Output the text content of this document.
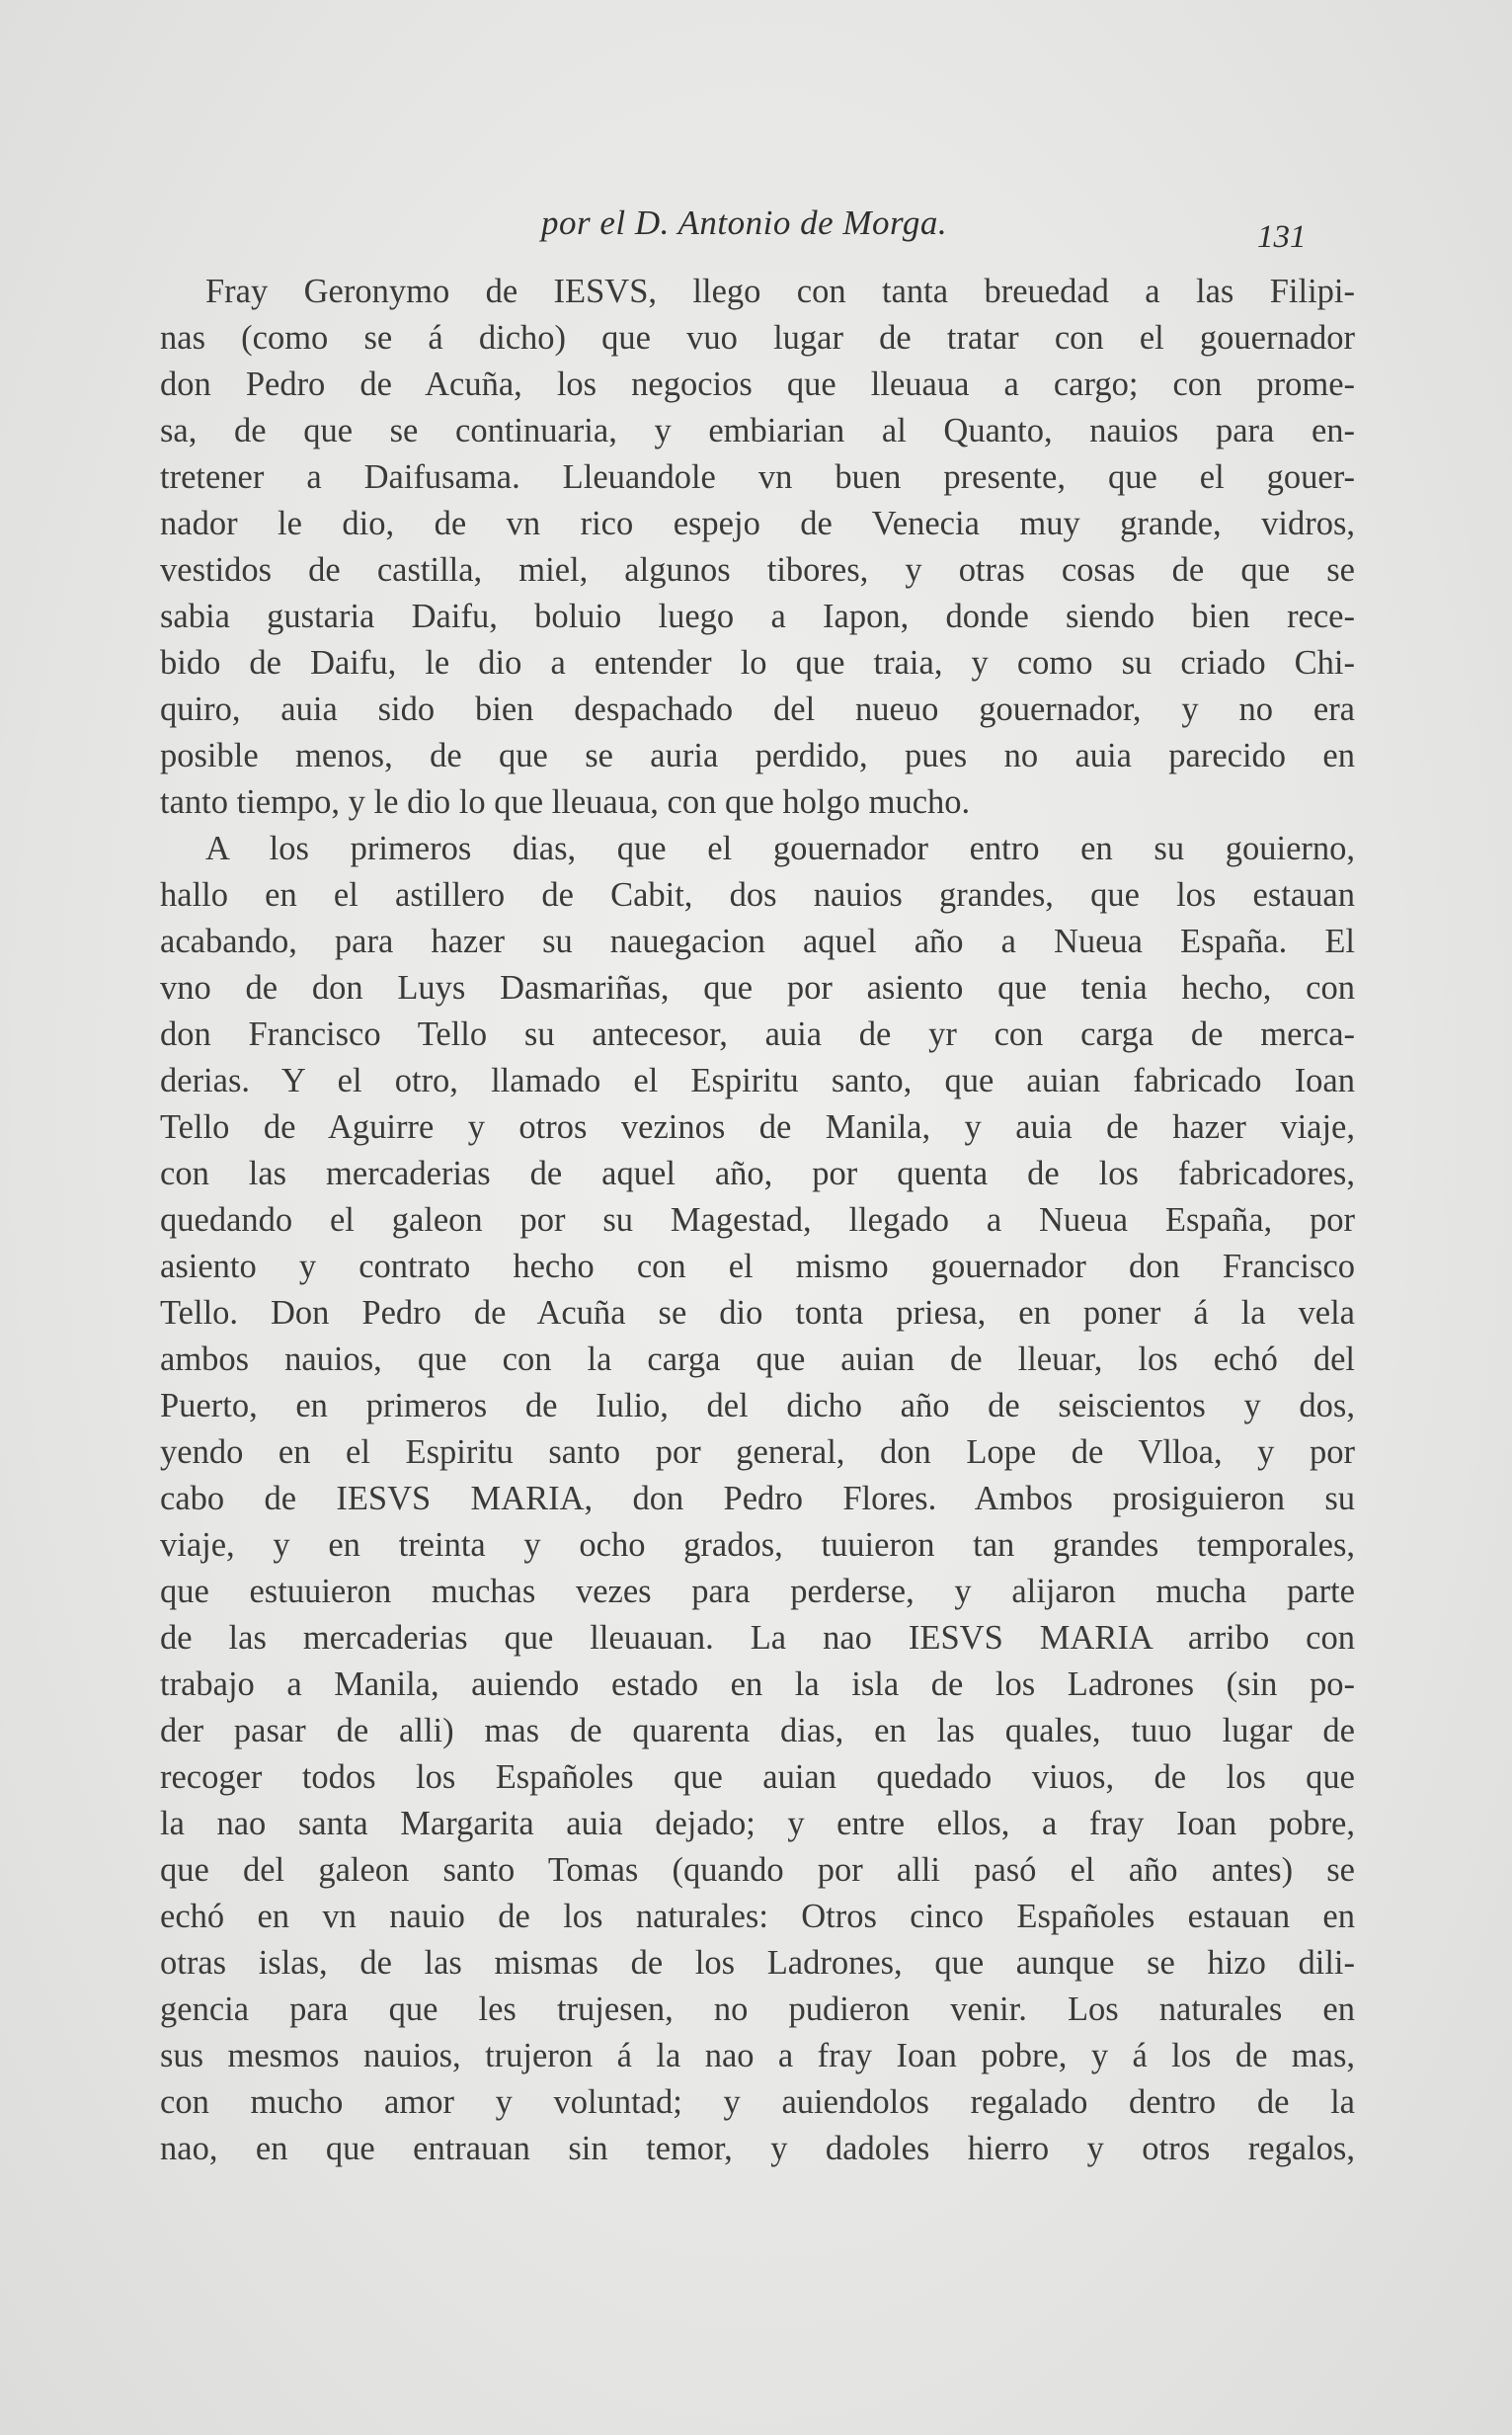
por el D. Antonio de Morga.	131
Fray Geronymo de IESVS, llego con tanta breuedad a las Filipi-
nas (como se á dicho) que vuo lugar de tratar con el gouernador
don Pedro de Acuña, los negocios que lleuaua a cargo; con prome-
sa, de que se continuaria, y embiarian al Quanto, nauios para en-
tretener a Daifusama. Lleuandole vn buen presente, que el gouer-
nador le dio, de vn rico espejo de Venecia muy grande, vidros,
vestidos de castilla, miel, algunos tibores, y otras cosas de que se
sabia gustaria Daifu, boluio luego a Iapon, donde siendo bien rece-
bido de Daifu, le dio a entender lo que traia, y como su criado Chi-
quiro, auia sido bien despachado del nueuo gouernador, y no era
posible menos, de que se auria perdido, pues no auia parecido en
tanto tiempo, y le dio lo que lleuaua, con que holgo mucho.
A los primeros dias, que el gouernador entro en su gouierno,
hallo en el astillero de Cabit, dos nauios grandes, que los estauan
acabando, para hazer su nauegacion aquel año a Nueua España. El
vno de don Luys Dasmariñas, que por asiento que tenia hecho, con
don Francisco Tello su antecesor, auia de yr con carga de merca-
derias. Y el otro, llamado el Espiritu santo, que auian fabricado Ioan
Tello de Aguirre y otros vezinos de Manila, y auia de hazer viaje,
con las mercaderias de aquel año, por quenta de los fabricadores,
quedando el galeon por su Magestad, llegado a Nueua España, por
asiento y contrato hecho con el mismo gouernador don Francisco
Tello. Don Pedro de Acuña se dio tonta priesa, en poner á la vela
ambos nauios, que con la carga que auian de lleuar, los echó del
Puerto, en primeros de Iulio, del dicho año de seiscientos y dos,
yendo en el Espiritu santo por general, don Lope de Vlloa, y por
cabo de IESVS MARIA, don Pedro Flores. Ambos prosiguieron su
viaje, y en treinta y ocho grados, tuuieron tan grandes temporales,
que estuuieron muchas vezes para perderse, y alijaron mucha parte
de las mercaderias que lleuauan. La nao IESVS MARIA arribo con
trabajo a Manila, auiendo estado en la isla de los Ladrones (sin po-
der pasar de alli) mas de quarenta dias, en las quales, tuuo lugar de
recoger todos los Españoles que auian quedado viuos, de los que
la nao santa Margarita auia dejado; y entre ellos, a fray Ioan pobre,
que del galeon santo Tomas (quando por alli pasó el año antes) se
echó en vn nauio de los naturales: Otros cinco Españoles estauan en
otras islas, de las mismas de los Ladrones, que aunque se hizo dili-
gencia para que les trujesen, no pudieron venir. Los naturales en
sus mesmos nauios, trujeron á la nao a fray Ioan pobre, y á los de mas,
con mucho amor y voluntad; y auiendolos regalado dentro de la
nao, en que entrauan sin temor, y dadoles hierro y otros regalos,
